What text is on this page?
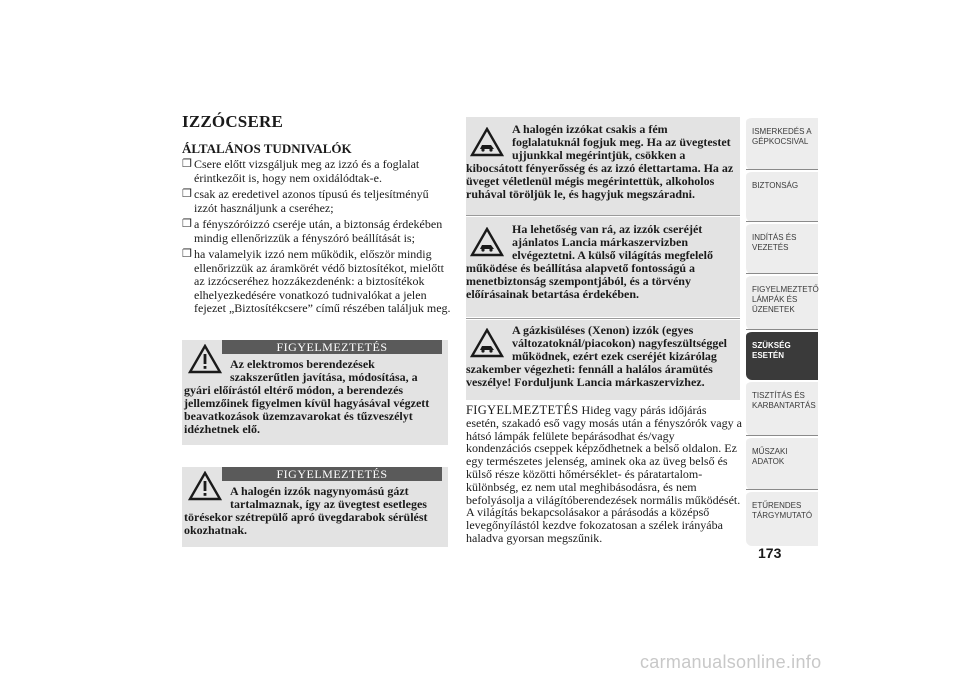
IZZÓCSERE
ÁLTALÁNOS TUDNIVALÓK
❐ Csere előtt vizsgáljuk meg az izzó és a foglalat érintkezőit is, hogy nem oxidálódtak-e.
❐ csak az eredetivel azonos típusú és teljesítményű izzót használjunk a cseréhez;
❐ a fényszóróizzó cseréje után, a biztonság érdekében mindig ellenőrizzük a fényszóró beállítását is;
❐ ha valamelyik izzó nem működik, először mindig ellenőrizzük az áramkörét védő biztosítékot, mielőtt az izzócseréhez hozzákezdenénk: a biztosítékok elhelyezkedésére vonatkozó tudnivalókat a jelen fejezet „Biztosítékcsere” című részében találjuk meg.
FIGYELMEZTETÉS

Az elektromos berendezések szakszerűtlen javítása, módosítása, a gyári előírástól eltérő módon, a berendezés jellemzőinek figyelmen kívül hagyásával végzett beavatkozások üzemzavarokat és tűzveszélyt idézhetnek elő.

FIGYELMEZTETÉS

A halogén izzók nagynyomású gázt tartalmaznak, így az üvegtest esetleges törésekor szétrepülő apró üvegdarabok sérülést okozhatnak.

A halogén izzókat csakis a fém foglalatuknál fogjuk meg. Ha az üvegtestet ujjunkkal megérintjük, csökken a kibocsátott fényerősség és az izzó élettartama. Ha az üveget véletlenül mégis megérintettük, alkoholos ruhával töröljük le, és hagyjuk megszáradni.

Ha lehetőség van rá, az izzók cseréjét ajánlatos Lancia márkaszervizben elvégeztetni. A külső világítás megfelelő működése és beállítása alapvető fontosságú a menetbiztonság szempontjából, és a törvény előírásainak betartása érdekében.

A gázkisüléses (Xenon) izzók (egyes változatoknál/piacokon) nagyfeszültséggel működnek, ezért ezek cseréjét kizárólag szakember végezheti: fennáll a halálos áramütés veszélye! Forduljunk Lancia márkaszervizhez.

FIGYELMEZTETÉS Hideg vagy párás időjárás esetén, szakadó eső vagy mosás után a fényszórók vagy a hátsó lámpák felülete bepárásodhat és/vagy kondenzációs cseppek képződhetnek a belső oldalon. Ez egy természetes jelenség, aminek oka az üveg belső és külső része közötti hőmérséklet- és páratartalom-különbség, ez nem utal meghibásodásra, és nem befolyásolja a világítóberendezések normális működését. A világítás bekapcsolásakor a párásodás a középső levegőnyílástól kezdve fokozatosan a szélek irányába haladva gyorsan megszűnik.

ISMERKEDÉS A GÉPKOCSIVAL
BIZTONSÁG
INDÍTÁS ÉS VEZETÉS
FIGYELMEZTETŐ LÁMPÁK ÉS ÜZENETEK
SZÜKSÉG ESETÉN
TISZTÍTÁS ÉS KARBANTARTÁS
MŰSZAKI ADATOK
ETŰRENDES TÁRGYMUTATÓ

173

carmanualsonline.info
